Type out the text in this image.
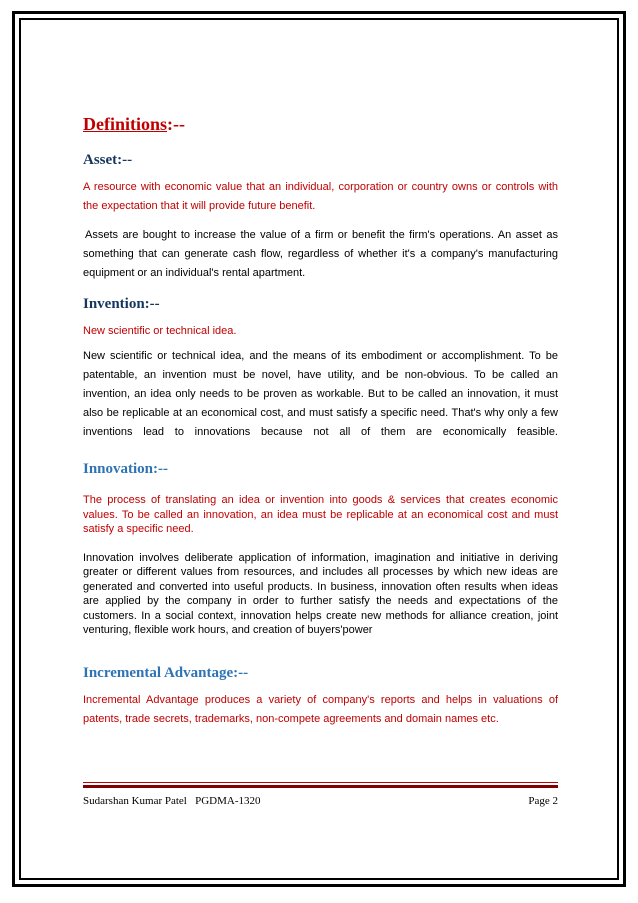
Definitions:--
Asset:--

A resource with economic value that an individual, corporation or country owns or controls with the expectation that it will provide future benefit.

Assets are bought to increase the value of a firm or benefit the firm's operations. An asset as something that can generate cash flow, regardless of whether it's a company's manufacturing equipment or an individual's rental apartment.

Invention:--

New scientific or technical idea.

New scientific or technical idea, and the means of its embodiment or accomplishment. To be patentable, an invention must be novel, have utility, and be non-obvious. To be called an invention, an idea only needs to be proven as workable. But to be called an innovation, it must also be replicable at an economical cost, and must satisfy a specific need. That's why only a few inventions lead to innovations because not all of them are economically feasible.

Innovation:--

The process of translating an idea or invention into goods & services that creates economic values. To be called an innovation, an idea must be replicable at an economical cost and must satisfy a specific need.

Innovation involves deliberate application of information, imagination and initiative in deriving greater or different values from resources, and includes all processes by which new ideas are generated and converted into useful products. In business, innovation often results when ideas are applied by the company in order to further satisfy the needs and expectations of the customers. In a social context, innovation helps create new methods for alliance creation, joint venturing, flexible work hours, and creation of buyers'power

Incremental Advantage:--

Incremental Advantage produces a variety of company's reports and helps in valuations of patents, trade secrets, trademarks, non-compete agreements and domain names etc.

Sudarshan Kumar Patel   PGDMA-1320	Page 2
